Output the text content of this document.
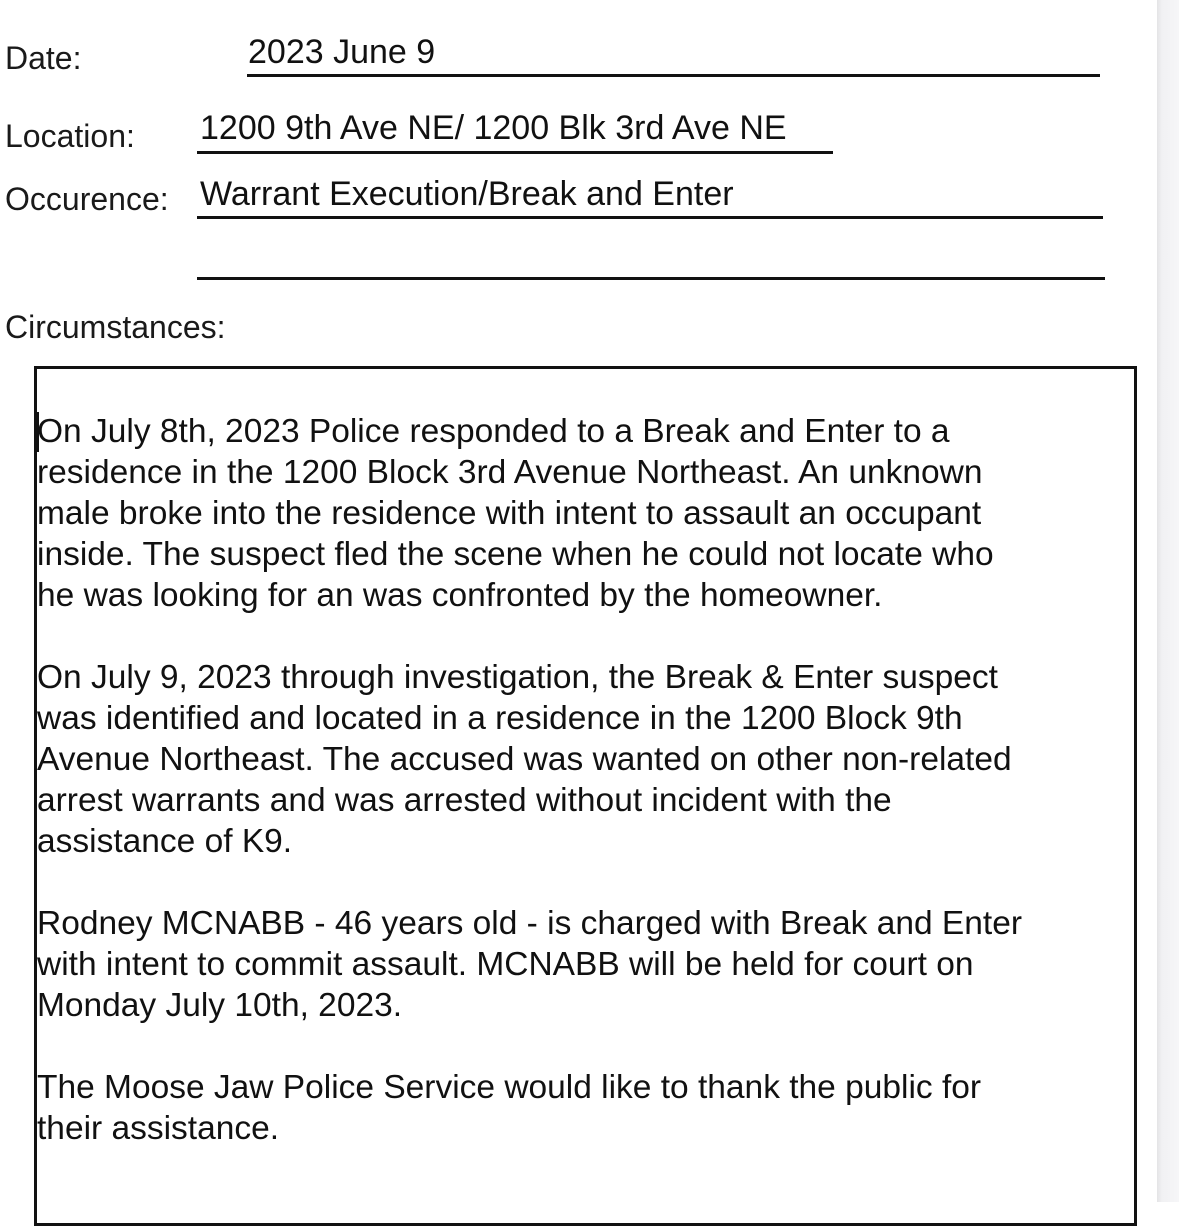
Date:	2023 June 9
Location: 1200 9th Ave NE/ 1200 Blk 3rd Ave NE
Occurence: Warrant Execution/Break and Enter
Circumstances:

On July 8th, 2023 Police responded to a Break and Enter to a
residence in the 1200 Block 3rd Avenue Northeast. An unknown
male broke into the residence with intent to assault an occupant
inside. The suspect fled the scene when he could not locate who
he was looking for an was confronted by the homeowner.

On July 9, 2023 through investigation, the Break & Enter suspect
was identified and located in a residence in the 1200 Block 9th
Avenue Northeast. The accused was wanted on other non-related
arrest warrants and was arrested without incident with the
assistance of K9.

Rodney MCNABB - 46 years old - is charged with Break and Enter
with intent to commit assault. MCNABB will be held for court on
Monday July 10th, 2023.

The Moose Jaw Police Service would like to thank the public for
their assistance.
